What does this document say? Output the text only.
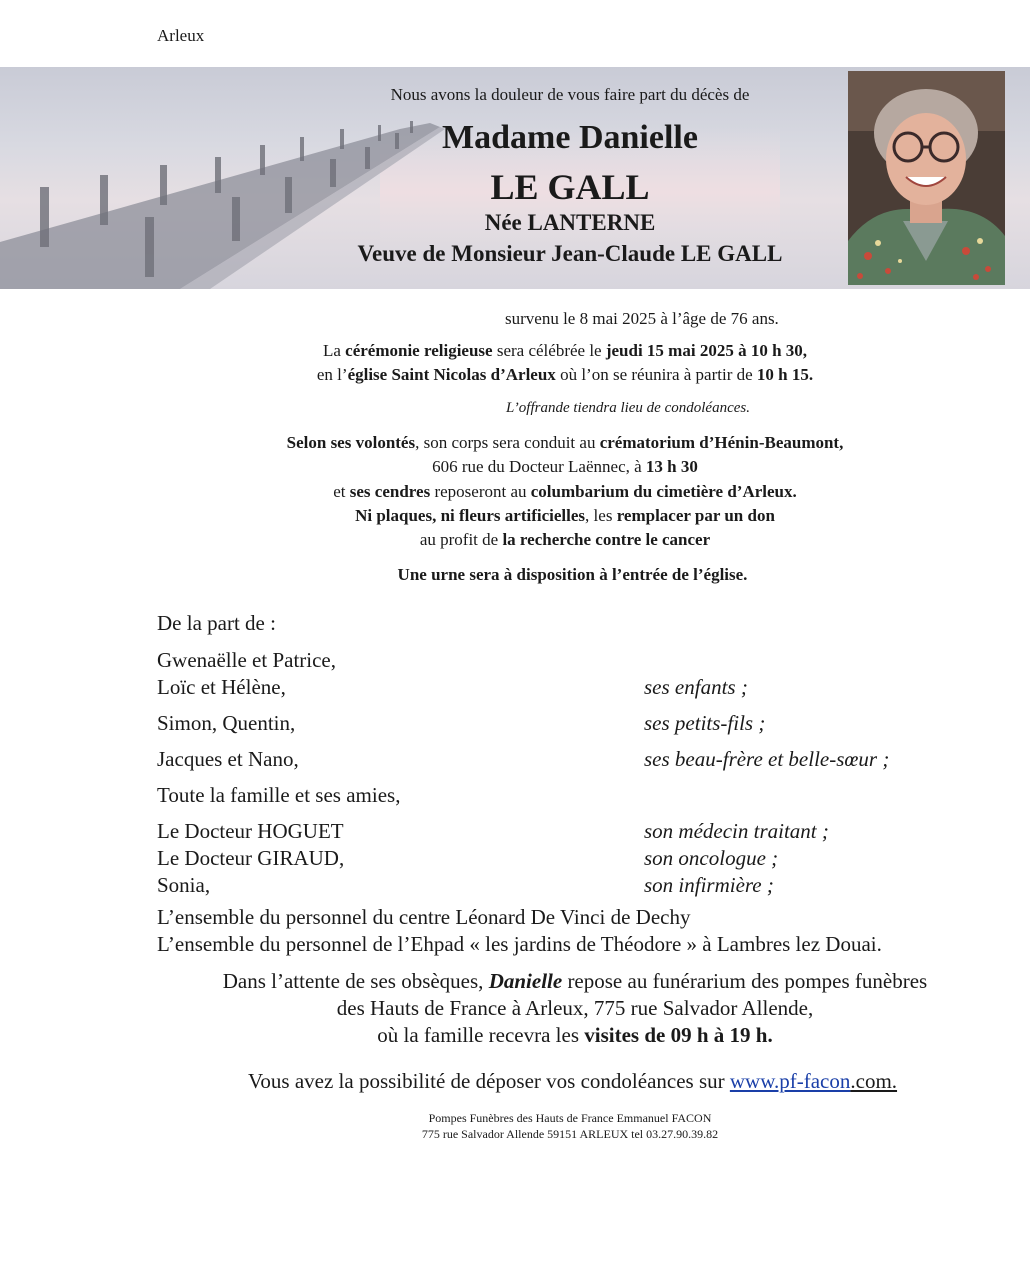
Arleux
Nous avons la douleur de vous faire part du décès de
Madame Danielle
LE GALL
Née LANTERNE
Veuve de Monsieur Jean-Claude LE GALL
survenu le 8 mai 2025 à l’âge de 76 ans.
La cérémonie religieuse sera célébrée le jeudi 15 mai 2025 à 10 h 30,
en l’église Saint Nicolas d’Arleux où l’on se réunira à partir de 10 h 15.
L’offrande tiendra lieu de condoléances.
Selon ses volontés, son corps sera conduit au crématorium d’Hénin-Beaumont,
606 rue du Docteur Laënnec, à 13 h 30
et ses cendres reposeront au columbarium du cimetière d’Arleux.
Ni plaques, ni fleurs artificielles, les remplacer par un don
au profit de la recherche contre le cancer
Une urne sera à disposition à l’entrée de l’église.
De la part de :
Gwenaëlle et Patrice,
Loïc et Hélène,	ses enfants ;
Simon, Quentin,	ses petits-fils ;
Jacques et Nano,	ses beau-frère et belle-sœur ;
Toute la famille et ses amies,
Le Docteur HOGUET	son médecin traitant ;
Le Docteur GIRAUD,	son oncologue ;
Sonia,	son infirmière ;
L’ensemble du personnel du centre Léonard De Vinci de Dechy
L’ensemble du personnel de l’Ehpad « les jardins de Théodore » à Lambres lez Douai.
Dans l’attente de ses obsèques, Danielle repose au funérarium des pompes funèbres
des Hauts de France à Arleux, 775 rue Salvador Allende,
où la famille recevra les visites de 09 h à 19 h.
Vous avez la possibilité de déposer vos condoléances sur www.pf-facon.com.
Pompes Funèbres des Hauts de France Emmanuel FACON
775 rue Salvador Allende 59151 ARLEUX tel 03.27.90.39.82
